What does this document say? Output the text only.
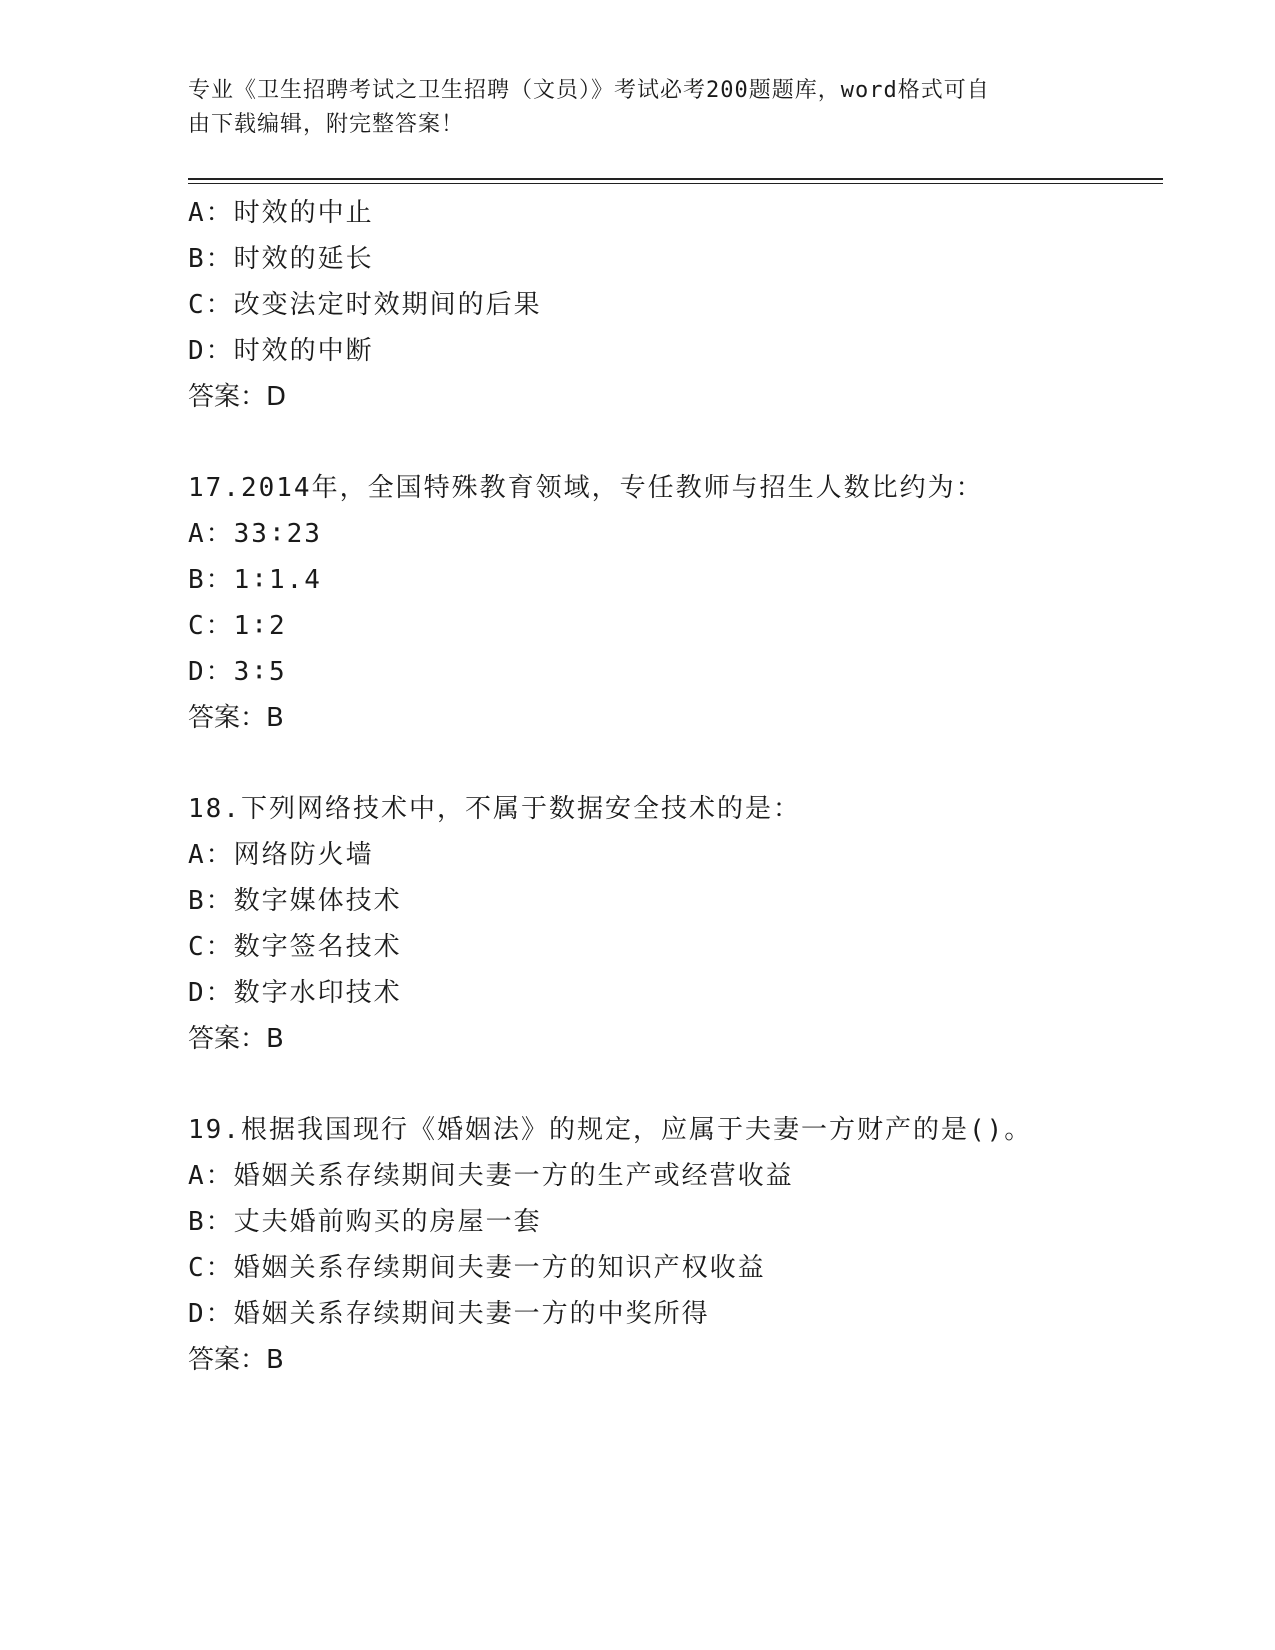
专业《卫生招聘考试之卫生招聘（文员）》考试必考200题题库，word格式可自
由下载编辑，附完整答案！
A：时效的中止
B：时效的延长
C：改变法定时效期间的后果
D：时效的中断
答案：D
17.2014年，全国特殊教育领域，专任教师与招生人数比约为：
A：33∶23
B：1∶1.4
C：1∶2
D：3∶5
答案：B
18.下列网络技术中，不属于数据安全技术的是：
A：网络防火墙
B：数字媒体技术
C：数字签名技术
D：数字水印技术
答案：B
19.根据我国现行《婚姻法》的规定，应属于夫妻一方财产的是()。
A：婚姻关系存续期间夫妻一方的生产或经营收益
B：丈夫婚前购买的房屋一套
C：婚姻关系存续期间夫妻一方的知识产权收益
D：婚姻关系存续期间夫妻一方的中奖所得
答案：B
